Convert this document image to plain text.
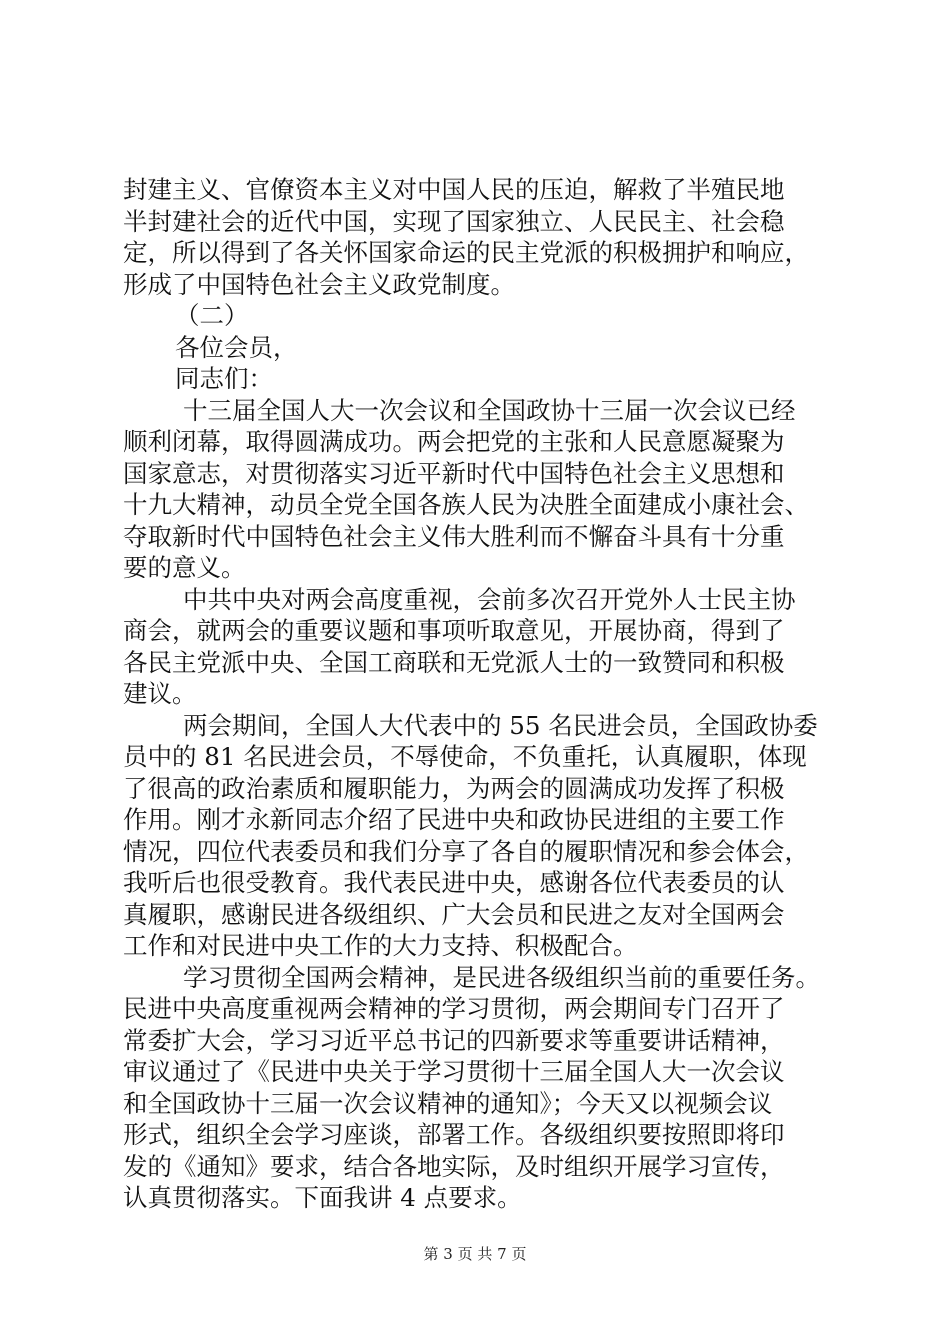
封建主义、官僚资本主义对中国人民的压迫，解救了半殖民地
半封建社会的近代中国，实现了国家独立、人民民主、社会稳
定，所以得到了各关怀国家命运的民主党派的积极拥护和响应，
形成了中国特色社会主义政党制度。
（二）
各位会员，
同志们：
十三届全国人大一次会议和全国政协十三届一次会议已经
顺利闭幕，取得圆满成功。两会把党的主张和人民意愿凝聚为
国家意志，对贯彻落实习近平新时代中国特色社会主义思想和
十九大精神，动员全党全国各族人民为决胜全面建成小康社会、
夺取新时代中国特色社会主义伟大胜利而不懈奋斗具有十分重
要的意义。
中共中央对两会高度重视，会前多次召开党外人士民主协
商会，就两会的重要议题和事项听取意见，开展协商，得到了
各民主党派中央、全国工商联和无党派人士的一致赞同和积极
建议。
两会期间，全国人大代表中的 55 名民进会员，全国政协委
员中的 81 名民进会员，不辱使命，不负重托，认真履职，体现
了很高的政治素质和履职能力，为两会的圆满成功发挥了积极
作用。刚才永新同志介绍了民进中央和政协民进组的主要工作
情况，四位代表委员和我们分享了各自的履职情况和参会体会，
我听后也很受教育。我代表民进中央，感谢各位代表委员的认
真履职，感谢民进各级组织、广大会员和民进之友对全国两会
工作和对民进中央工作的大力支持、积极配合。
学习贯彻全国两会精神，是民进各级组织当前的重要任务。
民进中央高度重视两会精神的学习贯彻，两会期间专门召开了
常委扩大会，学习习近平总书记的四新要求等重要讲话精神，
审议通过了《民进中央关于学习贯彻十三届全国人大一次会议
和全国政协十三届一次会议精神的通知》；今天又以视频会议
形式，组织全会学习座谈，部署工作。各级组织要按照即将印
发的《通知》要求，结合各地实际，及时组织开展学习宣传，
认真贯彻落实。下面我讲 4 点要求。
第 3 页 共 7 页
